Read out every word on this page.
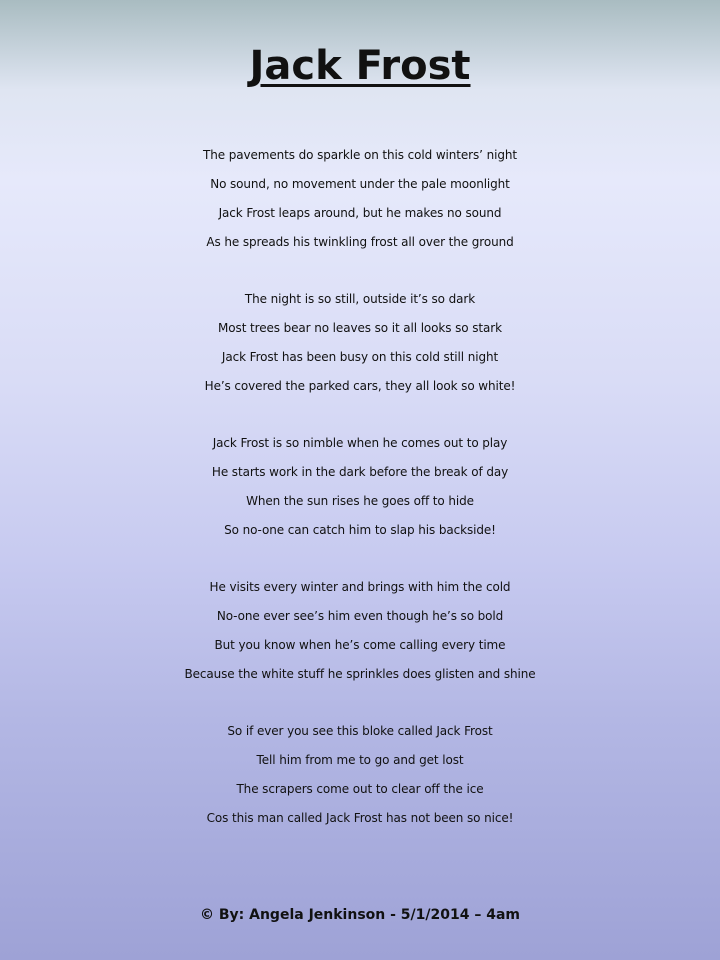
Jack Frost
The pavements do sparkle on this cold winters’ night
No sound, no movement under the pale moonlight
Jack Frost leaps around, but he makes no sound
As he spreads his twinkling frost all over the ground
The night is so still, outside it’s so dark
Most trees bear no leaves so it all looks so stark
Jack Frost has been busy on this cold still night
He’s covered the parked cars, they all look so white!
Jack Frost is so nimble when he comes out to play
He starts work in the dark before the break of day
When the sun rises he goes off to hide
So no-one can catch him to slap his backside!
He visits every winter and brings with him the cold
No-one ever see’s him even though he’s so bold
But you know when he’s come calling every time
Because the white stuff he sprinkles does glisten and shine
So if ever you see this bloke called Jack Frost
Tell him from me to go and get lost
The scrapers come out to clear off the ice
Cos this man called Jack Frost has not been so nice!
© By: Angela Jenkinson - 5/1/2014 – 4am
